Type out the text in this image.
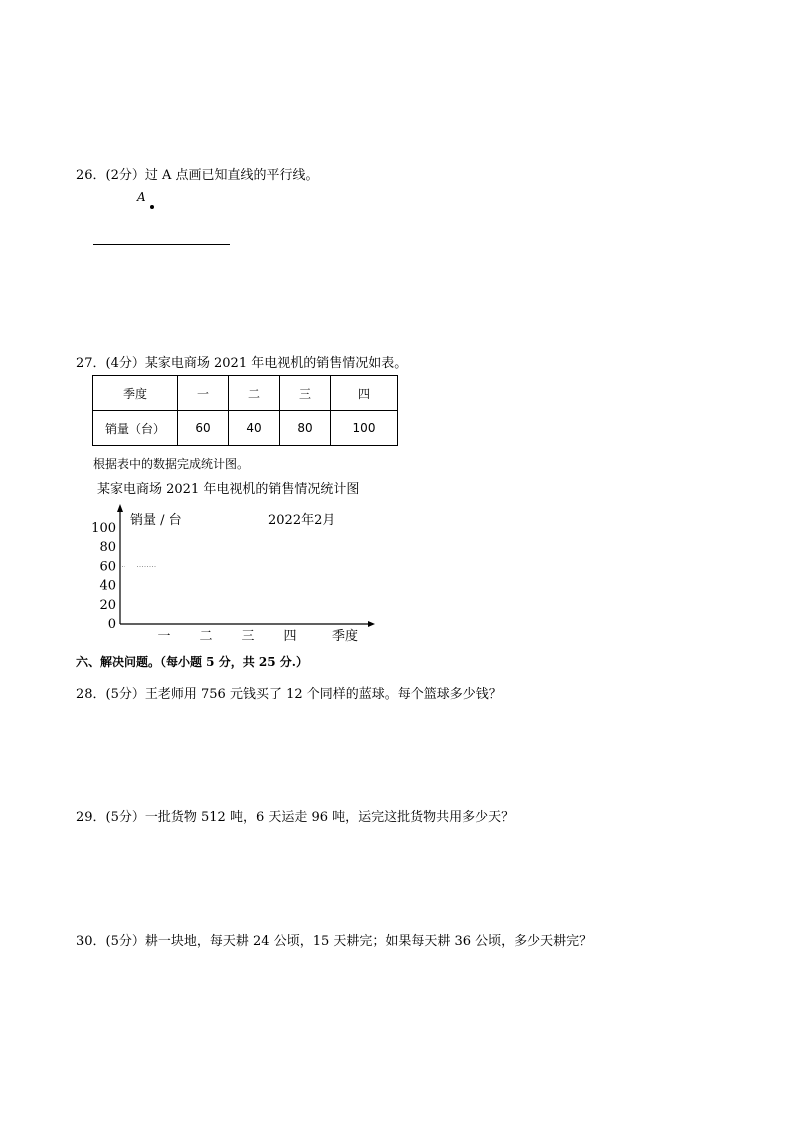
26．(2分）过 A 点画已知直线的平行线。
A
27．(4分）某家电商场 2021 年电视机的销售情况如表。
季度	一	二	三	四
销量（台）	60	40	80	100
根据表中的数据完成统计图。
某家电商场 2021 年电视机的销售情况统计图
0
20
40
60
80
100
一 二 三 四
销量 / 台	2022年2月
季度
六、解决问题。（每小题 5 分，共 25 分.）
28．(5分）王老师用 756 元钱买了 12 个同样的蓝球。每个篮球多少钱？
29．(5分）一批货物 512 吨，6 天运走 96 吨，运完这批货物共用多少天？
30．(5分）耕一块地，每天耕 24 公顷，15 天耕完；如果每天耕 36 公顷，多少天耕完？
